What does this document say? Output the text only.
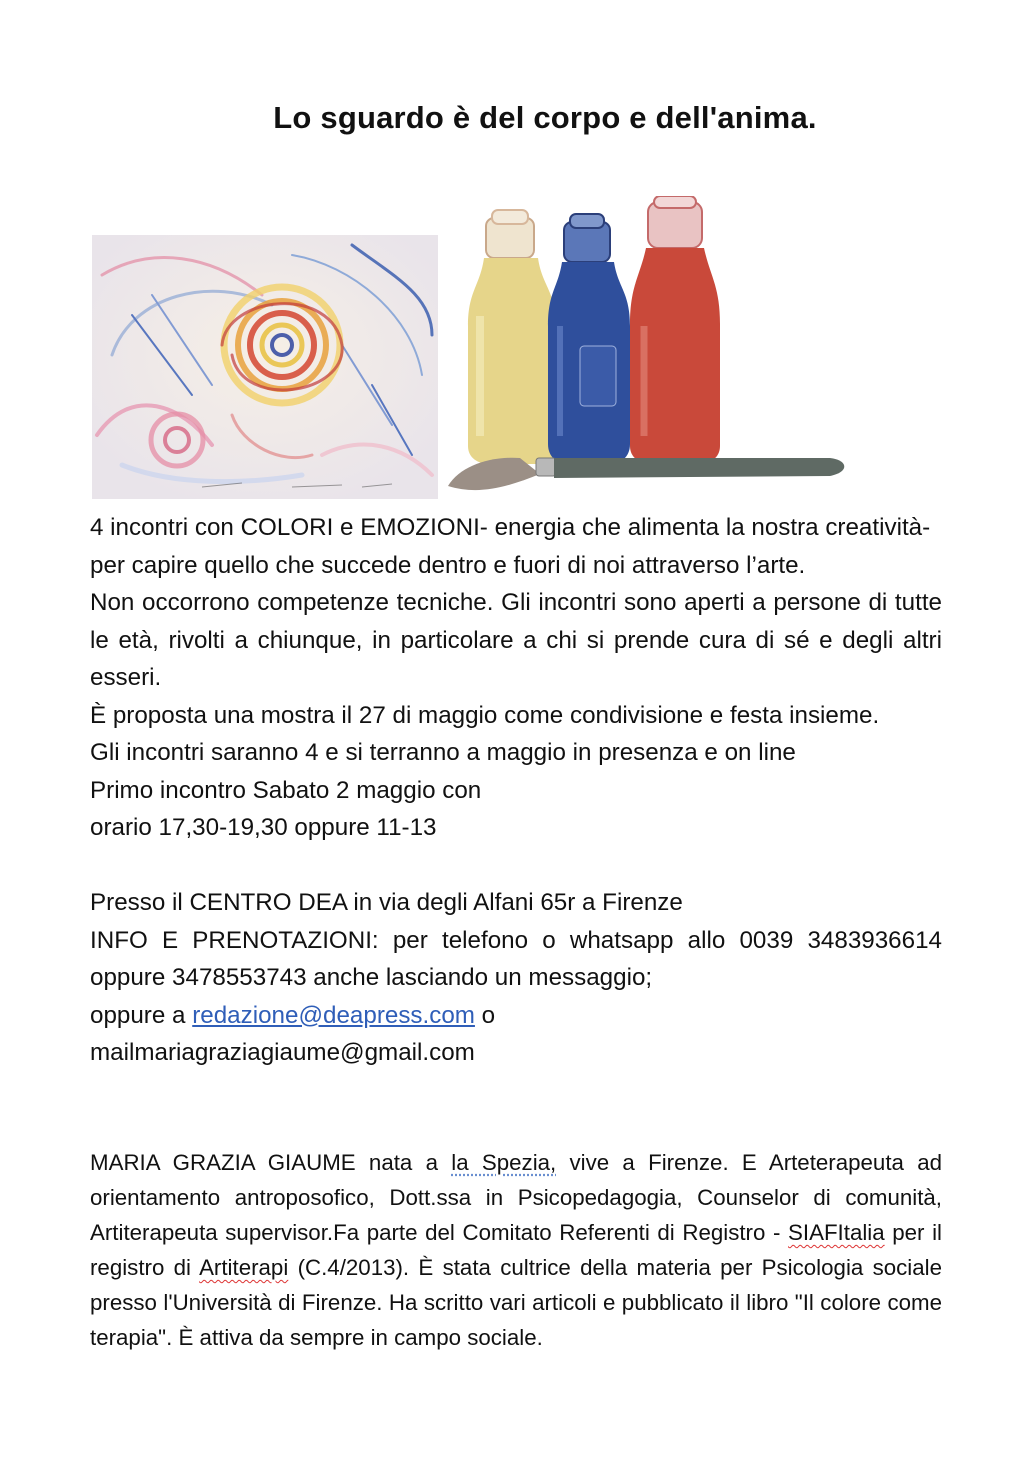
Lo sguardo è del corpo e dell'anima.

4 incontri con COLORI e EMOZIONI- energia che alimenta la nostra creatività- per capire quello che succede dentro e fuori di noi attraverso l’arte.

Non occorrono competenze tecniche. Gli incontri sono aperti a persone di tutte le età, rivolti a chiunque, in particolare a chi si prende cura di sé e degli altri esseri.

È proposta una mostra il 27 di maggio come condivisione e festa insieme.

Gli incontri saranno 4 e si terranno a maggio in presenza e on line

Primo incontro Sabato 2 maggio con

orario 17,30-19,30 oppure 11-13

Presso il CENTRO DEA in via degli Alfani 65r a Firenze

INFO E PRENOTAZIONI: per telefono o whatsapp allo 0039 3483936614 oppure 3478553743 anche lasciando un messaggio;

oppure a redazione@deapress.com o

mailmariagraziagiaume@gmail.com

MARIA GRAZIA GIAUME nata a la Spezia, vive a Firenze. E Arteterapeuta ad orientamento antroposofico, Dott.ssa in Psicopedagogia, Counselor di comunità, Artiterapeuta supervisor.Fa parte del Comitato Referenti di Registro - SIAFItalia per il registro di Artiterapi (C.4/2013). È stata cultrice della materia per Psicologia sociale presso l'Università di Firenze. Ha scritto vari articoli e pubblicato il libro "Il colore come terapia". È attiva da sempre in campo sociale.
